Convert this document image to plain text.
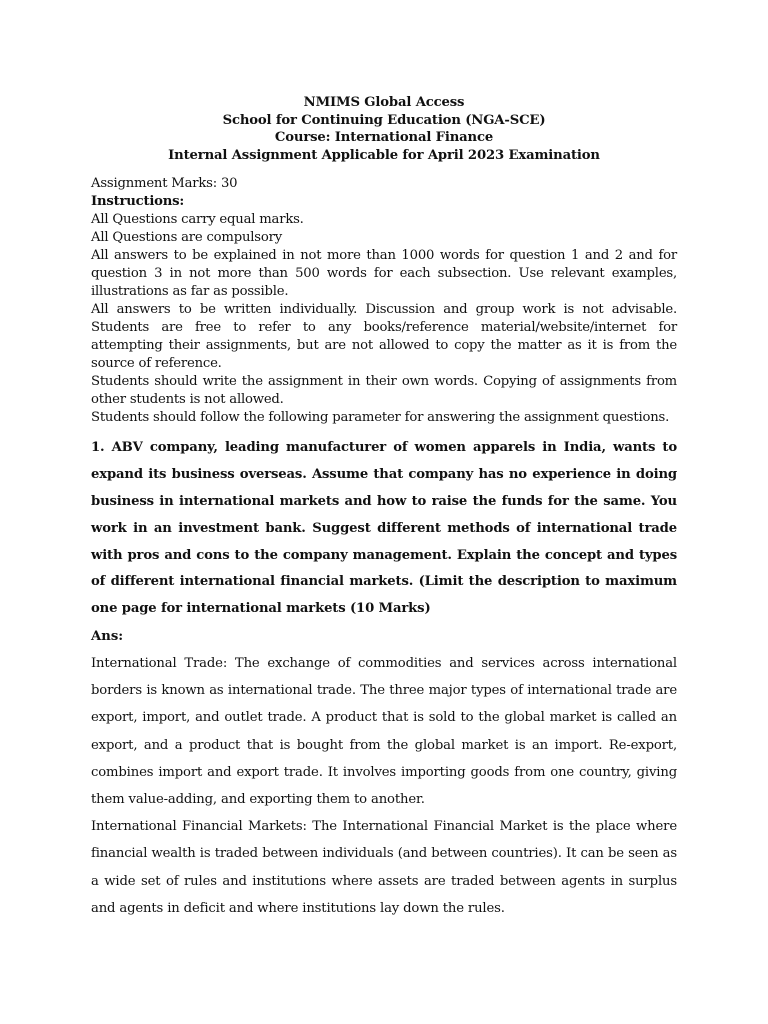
NMIMS Global Access
School for Continuing Education (NGA-SCE)
Course: International Finance
Internal Assignment Applicable for April 2023 Examination

Assignment Marks: 30

Instructions:

All Questions carry equal marks.

All Questions are compulsory

All answers to be explained in not more than 1000 words for question 1 and 2 and for question 3 in not more than 500 words for each subsection. Use relevant examples, illustrations as far as possible.

All answers to be written individually. Discussion and group work is not advisable. Students are free to refer to any books/reference material/website/internet for attempting their assignments, but are not allowed to copy the matter as it is from the source of reference.

Students should write the assignment in their own words. Copying of assignments from other students is not allowed.

Students should follow the following parameter for answering the assignment questions.

1. ABV company, leading manufacturer of women apparels in India, wants to expand its business overseas. Assume that company has no experience in doing business in international markets and how to raise the funds for the same. You work in an investment bank. Suggest different methods of international trade with pros and cons to the company management. Explain the concept and types of different international financial markets. (Limit the description to maximum one page for international markets (10 Marks)
Ans:

International Trade: The exchange of commodities and services across international borders is known as international trade. The three major types of international trade are export, import, and outlet trade. A product that is sold to the global market is called an export, and a product that is bought from the global market is an import. Re-export, combines import and export trade. It involves importing goods from one country, giving them value-adding, and exporting them to another.

International Financial Markets: The International Financial Market is the place where financial wealth is traded between individuals (and between countries). It can be seen as a wide set of rules and institutions where assets are traded between agents in surplus and agents in deficit and where institutions lay down the rules.
